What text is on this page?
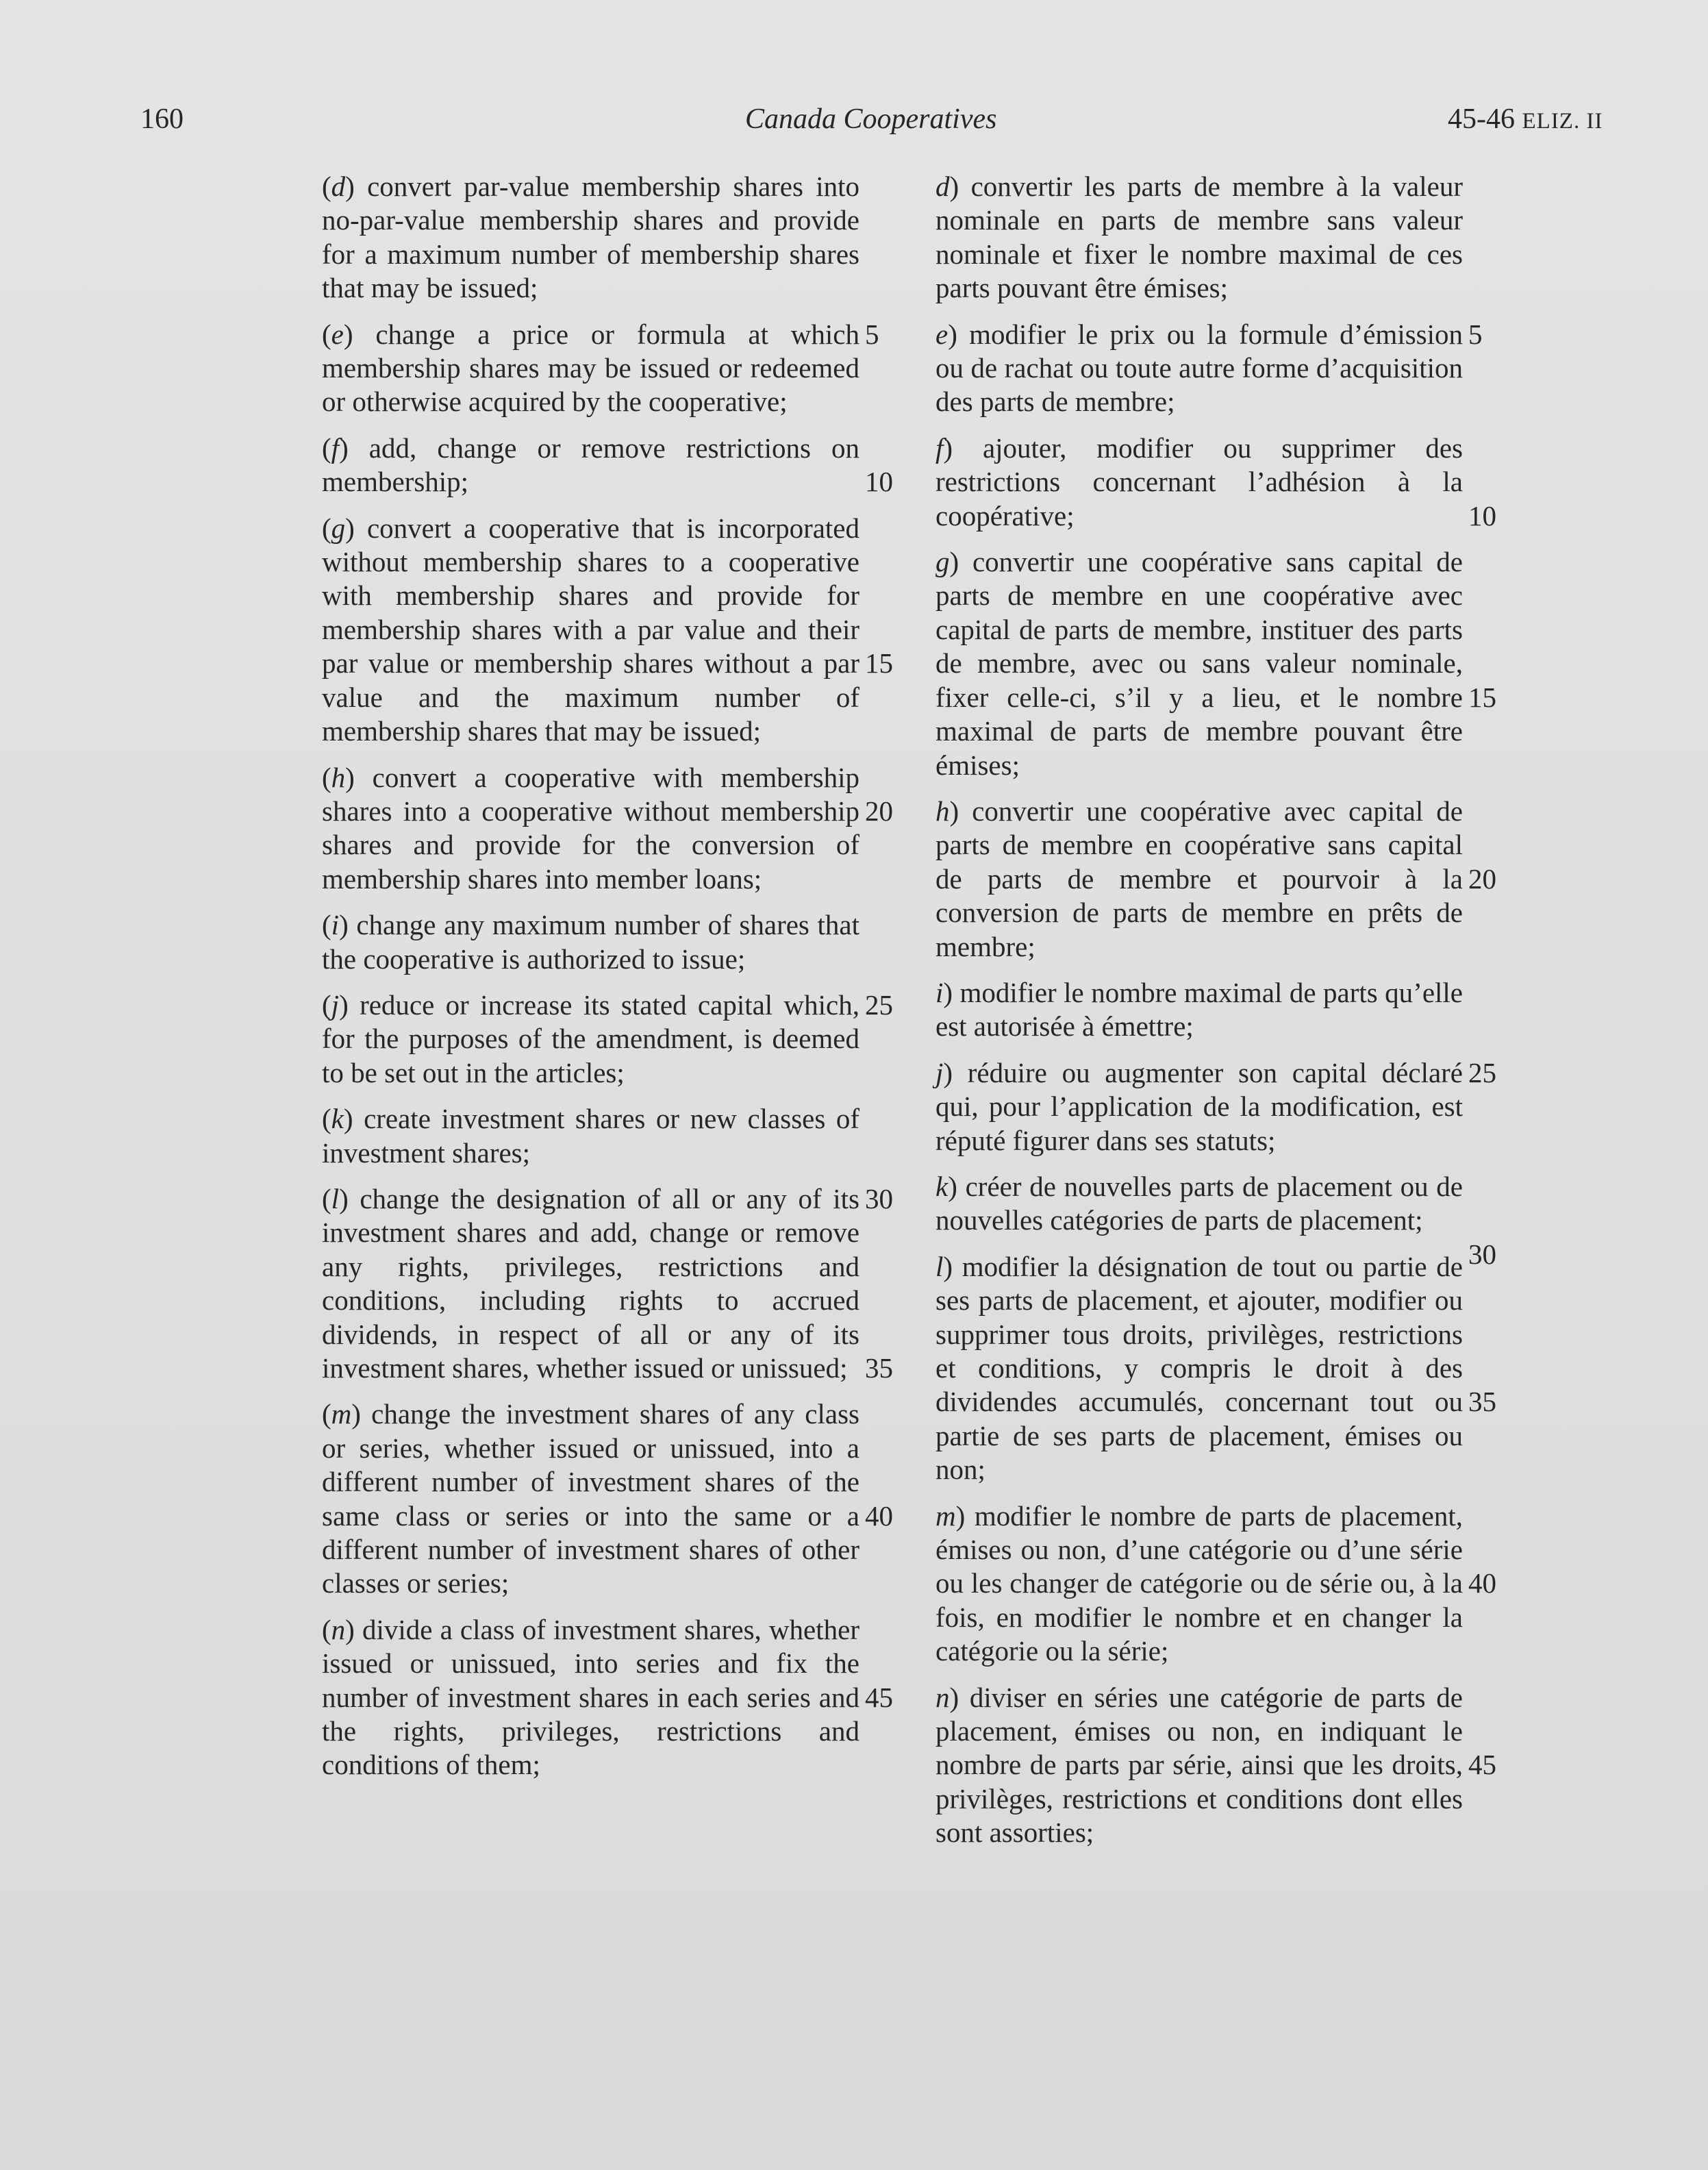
160	Canada Cooperatives	45-46 ELIZ. II

(d) convert par-value membership shares into no-par-value membership shares and provide for a maximum number of membership shares that may be issued;

(e) change a price or formula at which membership shares may be issued or redeemed or otherwise acquired by the cooperative;
5

(f) add, change or remove restrictions on membership;	10

(g) convert a cooperative that is incorporated without membership shares to a cooperative with membership shares and provide for membership shares with a par value and their par value or membership shares without a par value and the maximum number of membership shares that may be issued;
15

(h) convert a cooperative with membership shares into a cooperative without membership shares and provide for the conversion of membership shares into member loans;
20

(i) change any maximum number of shares that the cooperative is authorized to issue;

(j) reduce or increase its stated capital which, for the purposes of the amendment, is deemed to be set out in the articles;
25

(k) create investment shares or new classes of investment shares;

(l) change the designation of all or any of its investment shares and add, change or remove any rights, privileges, restrictions and conditions, including rights to accrued dividends, in respect of all or any of its investment shares, whether issued or unissued;
30
35

(m) change the investment shares of any class or series, whether issued or unissued, into a different number of investment shares of the same class or series or into the same or a different number of investment shares of other classes or series;
40

(n) divide a class of investment shares, whether issued or unissued, into series and fix the number of investment shares in each series and the rights, privileges, restrictions and conditions of them;
45

d) convertir les parts de membre à la valeur nominale en parts de membre sans valeur nominale et fixer le nombre maximal de ces parts pouvant être émises;

e) modifier le prix ou la formule d’émission ou de rachat ou toute autre forme d’acquisition des parts de membre;
5

f) ajouter, modifier ou supprimer des restrictions concernant l’adhésion à la coopérative;	10

g) convertir une coopérative sans capital de parts de membre en une coopérative avec capital de parts de membre, instituer des parts de membre, avec ou sans valeur nominale, fixer celle-ci, s’il y a lieu, et le nombre maximal de parts de membre pouvant être émises;
15

h) convertir une coopérative avec capital de parts de membre en coopérative sans capital de parts de membre et pourvoir à la conversion de parts de membre en prêts de membre;
20

i) modifier le nombre maximal de parts qu’elle est autorisée à émettre;

j) réduire ou augmenter son capital déclaré qui, pour l’application de la modification, est réputé figurer dans ses statuts;
25

k) créer de nouvelles parts de placement ou de nouvelles catégories de parts de placement;
30

l) modifier la désignation de tout ou partie de ses parts de placement, et ajouter, modifier ou supprimer tous droits, privilèges, restrictions et conditions, y compris le droit à des dividendes accumulés, concernant tout ou partie de ses parts de placement, émises ou non;
35

m) modifier le nombre de parts de placement, émises ou non, d’une catégorie ou d’une série ou les changer de catégorie ou de série ou, à la fois, en modifier le nombre et en changer la catégorie ou la série;
40

n) diviser en séries une catégorie de parts de placement, émises ou non, en indiquant le nombre de parts par série, ainsi que les droits, privilèges, restrictions et conditions dont elles sont assorties;
45
